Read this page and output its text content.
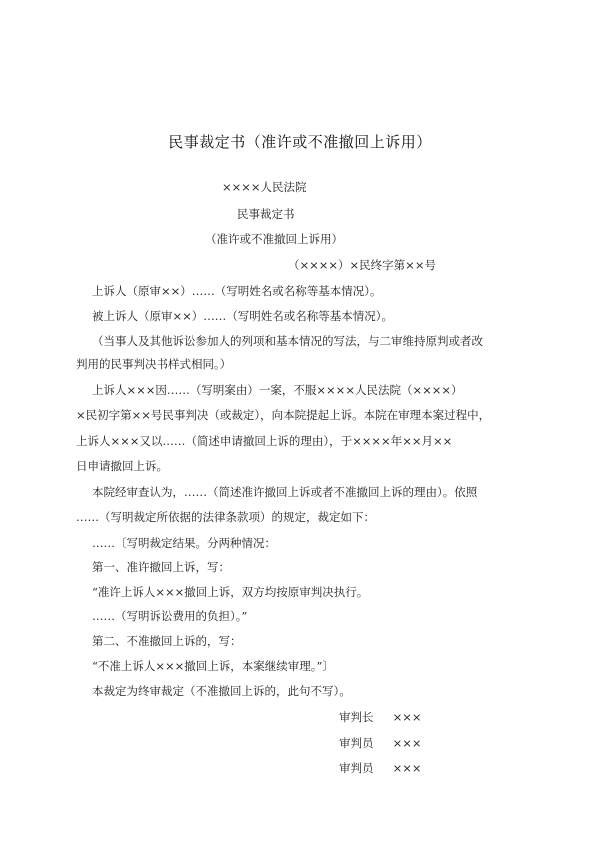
民事裁定书（准许或不准撤回上诉用）
××××人民法院
民事裁定书
（准许或不准撤回上诉用）
（××××）×民终字第××号
上诉人（原审××）……（写明姓名或名称等基本情况）。
被上诉人（原审××）……（写明姓名或名称等基本情况）。
（当事人及其他诉讼参加人的列项和基本情况的写法，与二审维持原判或者改
判用的民事判决书样式相同。）
上诉人×××因……（写明案由）一案，不服××××人民法院（××××）
×民初字第××号民事判决（或裁定），向本院提起上诉。本院在审理本案过程中，
上诉人×××又以……（简述申请撤回上诉的理由），于××××年××月××
日申请撤回上诉。
本院经审查认为，……（简述准许撤回上诉或者不准撤回上诉的理由）。依照
……（写明裁定所依据的法律条款项）的规定，裁定如下：
……〔写明裁定结果。分两种情况：
第一、准许撤回上诉，写：
“准许上诉人×××撤回上诉，双方均按原审判决执行。
……（写明诉讼费用的负担）。”
第二、不准撤回上诉的，写：
“不准上诉人×××撤回上诉，本案继续审理。”〕
本裁定为终审裁定（不准撤回上诉的，此句不写）。
审判长 ×××
审判员 ×××
审判员 ×××
